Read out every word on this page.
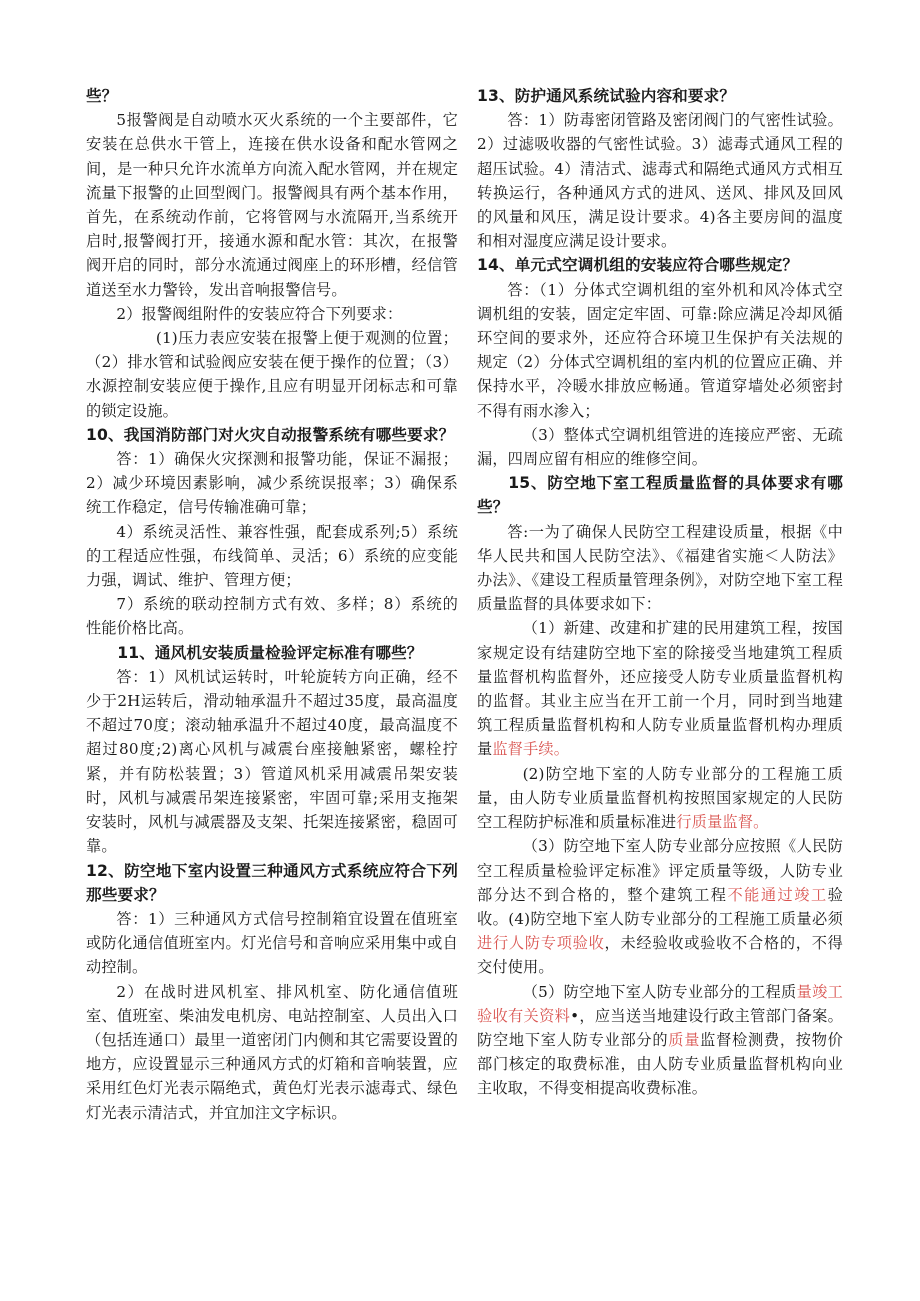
些？

5报警阀是自动喷水灭火系统的一个主要部件，它安装在总供水干管上，连接在供水设备和配水管网之间，是一种只允许水流单方向流入配水管网，并在规定流量下报警的止回型阀门。报警阀具有两个基本作用，首先，在系统动作前，它将管网与水流隔开,当系统开启时,报警阀打开，接通水源和配水管：其次，在报警阀开启的同时，部分水流通过阀座上的环形槽，经信管道送至水力警铃，发出音响报警信号。

2）报警阀组附件的安装应符合下列要求：

(1)压力表应安装在报警上便于观测的位置；（2）排水管和试验阀应安装在便于操作的位置；（3）水源控制安装应便于操作,且应有明显开闭标志和可靠的锁定设施。

10、我国消防部门对火灾自动报警系统有哪些要求？

答：1）确保火灾探测和报警功能，保证不漏报；2）减少环境因素影响，减少系统误报率；3）确保系统工作稳定，信号传输准确可靠；

4）系统灵活性、兼容性强，配套成系列;5）系统的工程适应性强，布线简单、灵活；6）系统的应变能力强，调试、维护、管理方便；

7）系统的联动控制方式有效、多样；8）系统的性能价格比高。

11、通风机安装质量检验评定标准有哪些？

答：1）风机试运转时，叶轮旋转方向正确，经不少于2H运转后，滑动轴承温升不超过35度，最高温度不超过70度；滚动轴承温升不超过40度，最高温度不超过80度;2)离心风机与减震台座接触紧密，螺栓拧紧，并有防松装置；3）管道风机采用减震吊架安装时，风机与减震吊架连接紧密，牢固可靠;采用支拖架安装时，风机与减震器及支架、托架连接紧密，稳固可靠。

12、防空地下室内设置三种通风方式系统应符合下列那些要求？

答：1）三种通风方式信号控制箱宜设置在值班室或防化通信值班室内。灯光信号和音响应采用集中或自动控制。

2）在战时进风机室、排风机室、防化通信值班室、值班室、柴油发电机房、电站控制室、人员出入口（包括连通口）最里一道密闭门内侧和其它需要设置的地方，应设置显示三种通风方式的灯箱和音响装置，应采用红色灯光表示隔绝式，黄色灯光表示滤毒式、绿色灯光表示清洁式，并宜加注文字标识。

13、防护通风系统试验内容和要求？

答：1）防毒密闭管路及密闭阀门的气密性试验。2）过滤吸收器的气密性试验。3）滤毒式通风工程的超压试验。4）清洁式、滤毒式和隔绝式通风方式相互转换运行，各种通风方式的进风、送风、排风及回风的风量和风压，满足设计要求。4)各主要房间的温度和相对湿度应满足设计要求。

14、单元式空调机组的安装应符合哪些规定？

答：（1）分体式空调机组的室外机和风冷体式空调机组的安装，固定定牢固、可靠:除应满足冷却风循环空间的要求外，还应符合环境卫生保护有关法规的规定（2）分体式空调机组的室内机的位置应正确、并保持水平，冷暖水排放应畅通。管道穿墙处必须密封不得有雨水渗入；

（3）整体式空调机组管进的连接应严密、无疏漏，四周应留有相应的维修空间。

15、防空地下室工程质量监督的具体要求有哪些？

答:一为了确保人民防空工程建设质量，根据《中华人民共和国人民防空法》、《福建省实施＜人防法》办法》、《建设工程质量管理条例》，对防空地下室工程质量监督的具体要求如下：

（1）新建、改建和扩建的民用建筑工程，按国家规定设有结建防空地下室的除接受当地建筑工程质量监督机构监督外，还应接受人防专业质量监督机构的监督。其业主应当在开工前一个月，同时到当地建筑工程质量监督机构和人防专业质量监督机构办理质量监督手续。

(2)防空地下室的人防专业部分的工程施工质量，由人防专业质量监督机构按照国家规定的人民防空工程防护标准和质量标准进行质量监督。

（3）防空地下室人防专业部分应按照《人民防空工程质量检验评定标准》评定质量等级，人防专业部分达不到合格的，整个建筑工程不能通过竣工验收。(4)防空地下室人防专业部分的工程施工质量必须进行人防专项验收，未经验收或验收不合格的，不得交付使用。

（5）防空地下室人防专业部分的工程质量竣工验收有关资料•，应当送当地建设行政主管部门备案。防空地下室人防专业部分的质量监督检测费，按物价部门核定的取费标准，由人防专业质量监督机构向业主收取，不得变相提高收费标准。
